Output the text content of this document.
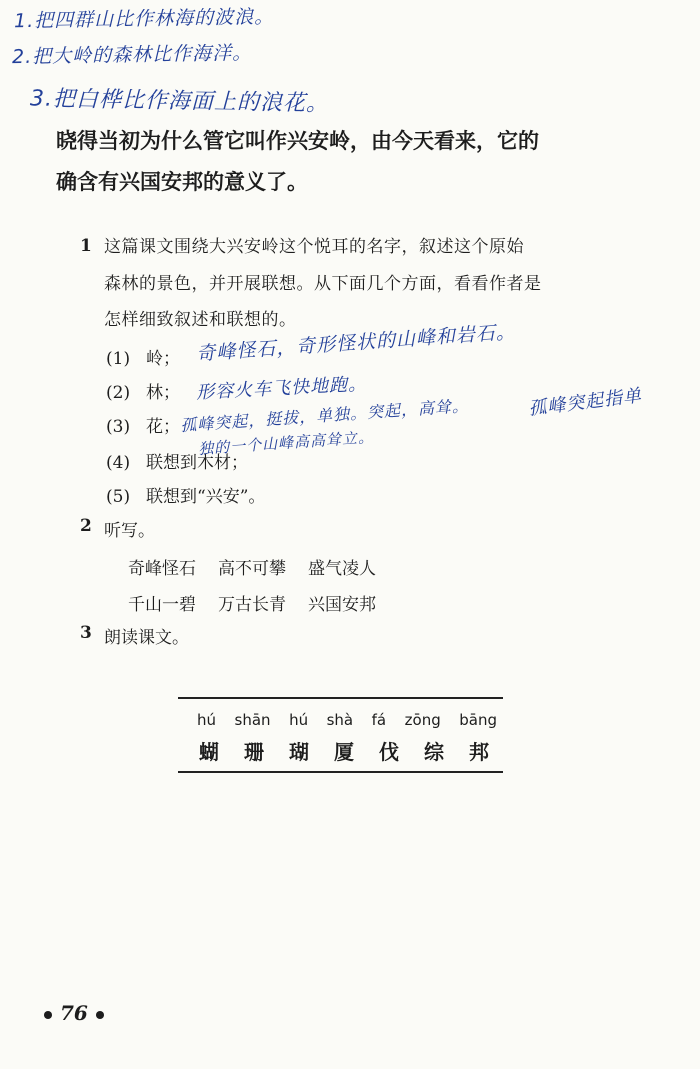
1.把四群山比作林海的波浪。
2.把大岭的森林比作海洋。
3.把白桦比作海面上的浪花。

晓得当初为什么管它叫作兴安岭，由今天看来，它的

确含有兴国安邦的意义了。

1 这篇课文围绕大兴安岭这个悦耳的名字，叙述这个原始

森林的景色，并开展联想。从下面几个方面，看看作者是

怎样细致叙述和联想的。

(1) 岭；
(2) 林；
(3) 花；
(4) 联想到木材；
(5) 联想到“兴安”。
奇峰怪石，奇形怪状的山峰和岩石。
形容火车飞快地跑。
孤峰突起，挺拔，单独。突起，高耸。	孤峰突起指单
独的一个山峰高高耸立。
2 听写。
奇峰怪石 高不可攀 盛气凌人
千山一碧 万古长青 兴国安邦
3 朗读课文。
hú shān hú shà fá zōng bāng
蝴 珊 瑚 厦 伐 综 邦
76
